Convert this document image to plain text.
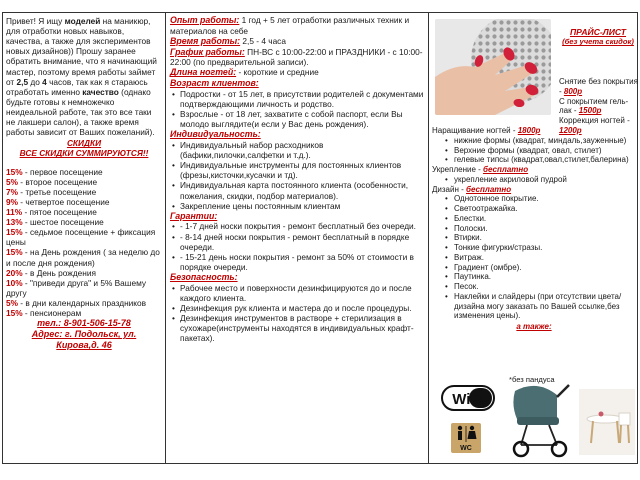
Привет! Я ищу моделей на маникюр, для отработки новых навыков, качества, а также для экспериментов новых дизайнов)) Прошу заранее обратить внимание, что я начинающий мастер, поэтому время работы займет от 2,5 до 4 часов, так как я стараюсь отработать именно качество (однако будьте готовы к немножечко неидеальной работе, так это все таки не лакшери салон), а также время работы зависит от Ваших пожеланий).

СКИДКИ
ВСЕ СКИДКИ СУММИРУЮТСЯ!!
15% - первое посещение
5% - второе посещение
7% - третье посещение
9% - четвертое посещение
11% - пятое посещение
13% - шестое посещение
15% - седьмое посещение + фиксация цены
15% - на День рождения ( за неделю до и после дня рождения)
20% - в День рождения
10% - "приведи друга" и 5% Вашему другу
5% - в дни календарных праздников
15% - пенсионерам
тел.: 8-901-506-15-78
Адрес: г. Подольск, ул.
Кирова,д. 46

Опыт работы: 1 год + 5 лет отработки различных техник и материалов на себе

Время работы: 2,5 - 4 часа

График работы: ПН-ВС с 10:00-22:00 и ПРАЗДНИКИ - с 10:00-22:00 (по предварительной записи).

Длина ногтей: - короткие и средние

Возраст клиентов:

• Подростки - от 15 лет, в присутствии родителей с документами подтверждающими личность и родство.
• Взрослые - от 18 лет, захватите с собой паспорт, если Вы молодо выглядите(и если у Вас день рождения).

Индивидуальность:

• Индивидуальный набор расходников (бафики,пилочки,салфетки и т.д.).
• Индивидуальные инструменты для постоянных клиентов (фрезы,кисточки,кусачки и тд).
• Индивидуальная карта постоянного клиента (особенности, пожелания, скидки, подбор материалов).
• Закрепление цены постоянным клиентам

Гарантии:

• - 1-7 дней носки покрытия - ремонт бесплатный без очереди.
• - 8-14 дней носки покрытия - ремонт бесплатный в порядке очереди.
• - 15-21 день носки покрытия - ремонт за 50% от стоимости в порядке очереди.

Безопасность:

• Рабочее место и поверхности дезинфицируются до и после каждого клиента.
• Дезинфекция рук клиента и мастера до и после процедуры.
• Дезинфекция инструментов в растворе + стерилизация в сухожаре(инструменты находятся в индивидуальных крафт-пакетах).
ПРАЙС-ЛИСТ
(без учета скидок)
Снятие без покрытия - 800р
С покрытием гель-лак - 1500р
Коррекция ногтей - 1200р

Наращивание ногтей - 1800р

• нижние формы (квадрат, миндаль,зауженные)
• Верхние формы (квадрат, овал, стилет)
• гелевые типсы (квадрат,овал,стилет,балерина)

Укрепление - бесплатно

• укрепление акриловой пудрой

Дизайн - бесплатно

• Однотонное покрытие.
• Светоотражайка.
• Блестки.
• Полоски.
• Втирки.
• Тонкие фигурки/стразы.
• Витраж.
• Градиент (омбре).
• Паутинка.
• Песок.
• Наклейки и слайдеры (при отсутствии цвета/дизайна могу заказать по Вашей ссылке,без изменения цены).
а также:
*без пандуса
WiFi
WC
